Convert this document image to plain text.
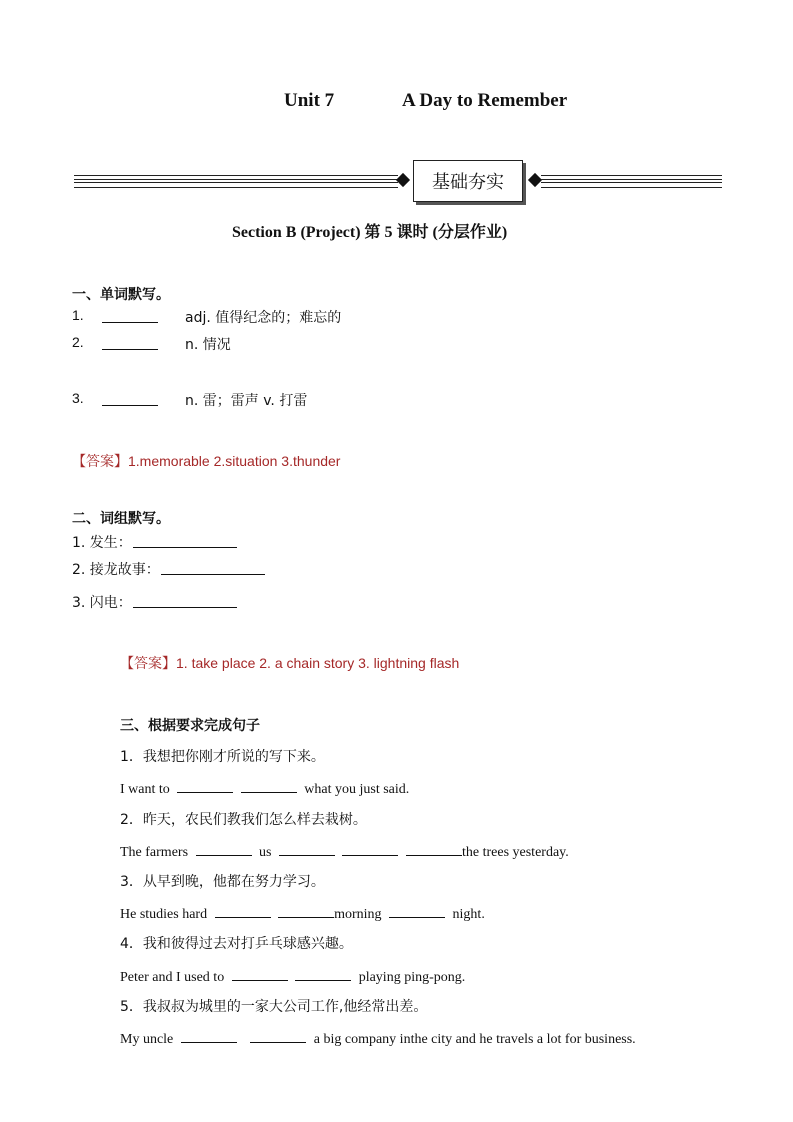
Unit 7	A Day to Remember
基础夯实
Section B (Project) 第 5 课时 (分层作业)
一、单词默写。
1.	adj. 值得纪念的；难忘的
2.	n. 情况
3.	n. 雷；雷声 v. 打雷
【答案】1.memorable 2.situation 3.thunder
二、词组默写。
1. 发生：
2. 接龙故事：
3. 闪电：
【答案】1. take place 2. a chain story 3. lightning flash
三、根据要求完成句子
1．我想把你刚才所说的写下来。
I want to	what you just said.
2．昨天，农民们教我们怎么样去栽树。
The farmers	us	the trees yesterday.
3．从早到晚，他都在努力学习。
He studies hard	morning	night.
4．我和彼得过去对打乒乓球感兴趣。
Peter and I used to	playing ping-pong.
5．我叔叔为城里的一家大公司工作,他经常出差。
My uncle	a big company inthe city and he travels a lot for business.
